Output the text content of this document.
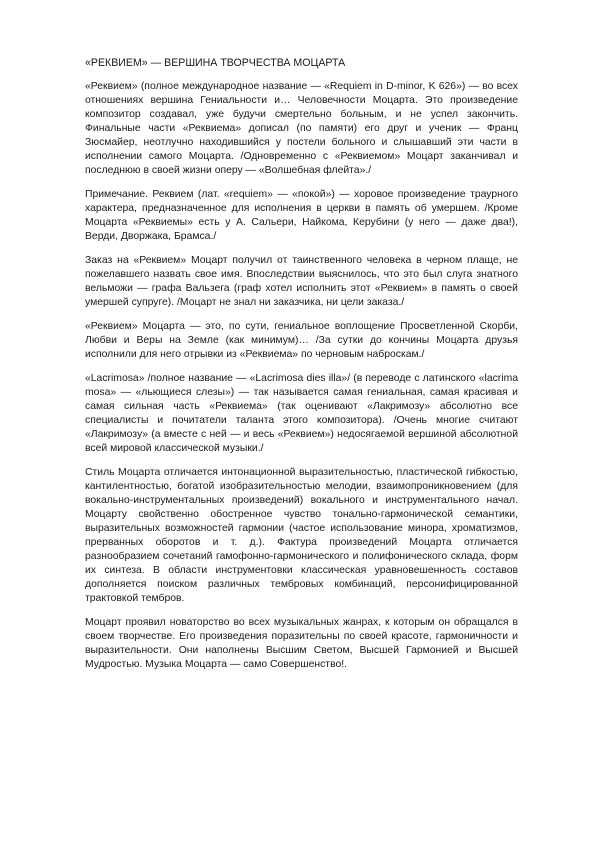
«РЕКВИЕМ» — ВЕРШИНА ТВОРЧЕСТВА МОЦАРТА

«Реквием» (полное международное название — «Requiem in D-minor, K 626») — во всех отношениях вершина Гениальности и… Человечности Моцарта. Это произведение композитор создавал, уже будучи смертельно больным, и не успел закончить. Финальные части «Реквиема» дописал (по памяти) его друг и ученик — Франц Зюсмайер, неотлучно находившийся у постели больного и слышавший эти части в исполнении самого Моцарта. /Одновременно с «Реквиемом» Моцарт заканчивал и последнюю в своей жизни оперу — «Волшебная флейта»./

Примечание. Реквием (лат. «requiem» — «покой») — хоровое произведение траурного характера, предназначенное для исполнения в церкви в память об умершем. /Кроме Моцарта «Реквиемы» есть у А. Сальери, Найкома, Керубини (у него — даже два!), Верди, Дворжака, Брамса./

Заказ на «Реквием» Моцарт получил от таинственного человека в черном плаще, не пожелавшего назвать свое имя. Впоследствии выяснилось, что это был слуга знатного вельможи — графа Вальзега (граф хотел исполнить этот «Реквием» в память о своей умершей супруге). /Моцарт не знал ни заказчика, ни цели заказа./

«Реквием» Моцарта — это, по сути, гениальное воплощение Просветленной Скорби, Любви и Веры на Земле (как минимум)… /За сутки до кончины Моцарта друзья исполнили для него отрывки из «Реквиема» по черновым наброскам./

«Lacrimosa» /полное название — «Lacrimosa dies illa»/ (в переводе с латинского «lacrima mosa» — «льющиеся слезы») — так называется самая гениальная, самая красивая и самая сильная часть «Реквиема» (так оценивают «Лакримозу» абсолютно все специалисты и почитатели таланта этого композитора). /Очень многие считают «Лакримозу» (а вместе с ней — и весь «Реквием») недосягаемой вершиной абсолютной всей мировой классической музыки./

Стиль Моцарта отличается интонационной выразительностью, пластической гибкостью, кантилентностью, богатой изобразительностью мелодии, взаимопроникновением (для вокально-инструментальных произведений) вокального и инструментального начал. Моцарту свойственно обостренное чувство тонально-гармонической семантики, выразительных возможностей гармонии (частое использование минора, хроматизмов, прерванных оборотов и т. д.). Фактура произведений Моцарта отличается разнообразием сочетаний гамофонно-гармонического и полифонического склада, форм их синтеза. В области инструментовки классическая уравновешенность составов дополняется поиском различных тембровых комбинаций, персонифицированной трактовкой тембров.

Моцарт проявил новаторство во всех музыкальных жанрах, к которым он обращался в своем творчестве. Его произведения поразительны по своей красоте, гармоничности и выразительности. Они наполнены Высшим Светом, Высшей Гармонией и Высшей Мудростью. Музыка Моцарта — само Совершенство!.
